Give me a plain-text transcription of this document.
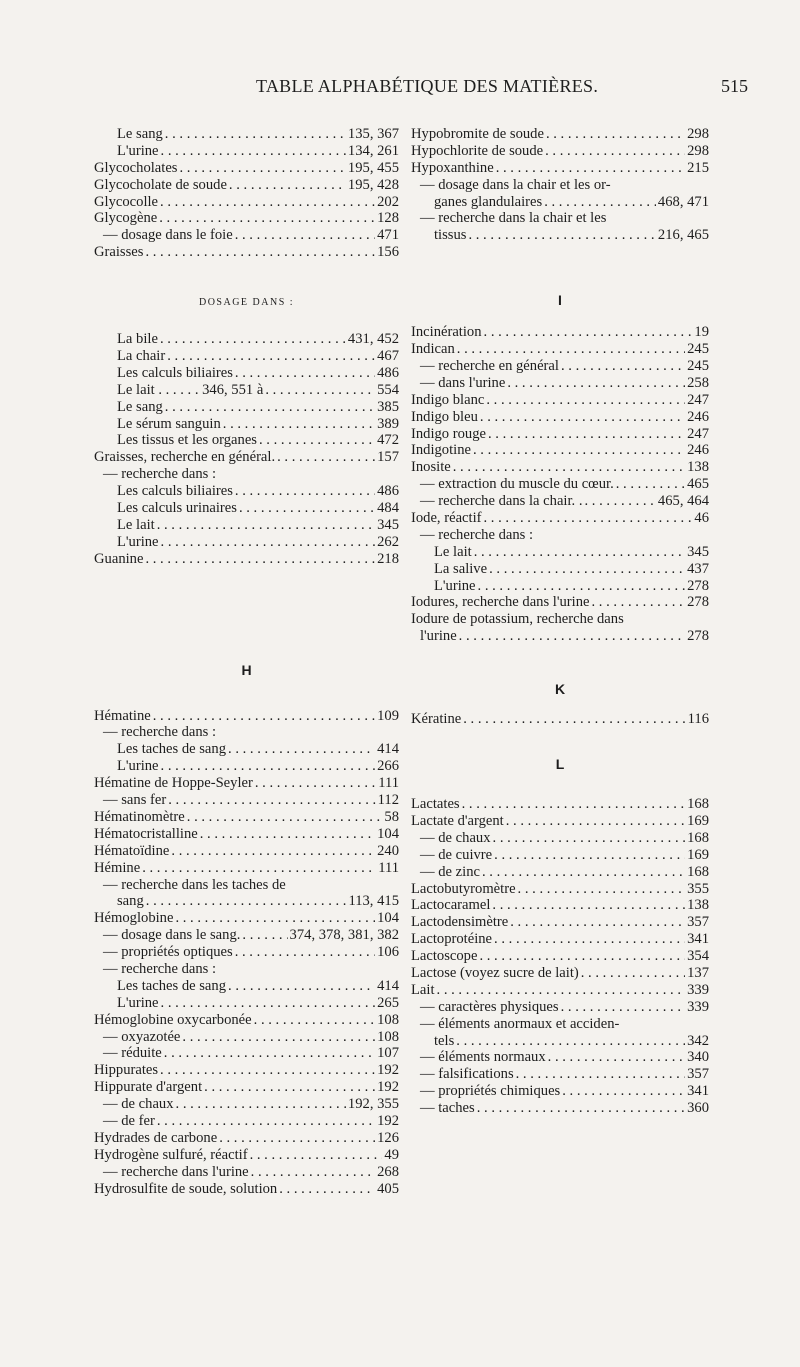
TABLE ALPHABÉTIQUE DES MATIÈRES.	515
Le sang . . .	135, 367
L'urine . . .	134, 261
Glycocholates . . .	195, 455
Glycocholate de soude . . .	195, 428
Glycocolle . . .	202
Glycogène . . .	128
— dosage dans le foie . . .	471
Graisses . . .	156
DOSAGE DANS :
La bile . . .	431, 452
La chair . . .	467
Les calculs biliaires . . .	486
Le lait . . . . . . 346, 551 à . . .	554
Le sang . . .	385
Le sérum sanguin . . .	389
Les tissus et les organes . . .	472
Graisses, recherche en général. . . .	157
— recherche dans :
Les calculs biliaires . . .	486
Les calculs urinaires . . .	484
Le lait . . .	345
L'urine . . .	262
Guanine . . .	218
H
Hématine . . .	109
— recherche dans :
Les taches de sang . . .	414
L'urine . . .	266
Hématine de Hoppe-Seyler . . .	111
— sans fer . . .	112
Hématinomètre . . .	58
Hématocristalline . . .	104
Hématoïdine . . .	240
Hémine . . .	111
— recherche dans les taches de
sang . . .	113, 415
Hémoglobine . . .	104
— dosage dans le sang. . . .	374, 378, 381, 382
— propriétés optiques . . .	106
— recherche dans :
Les taches de sang . . .	414
L'urine . . .	265
Hémoglobine oxycarbonée . . .	108
— oxyazotée . . .	108
— réduite . . .	107
Hippurates . . .	192
Hippurate d'argent . . .	192
— de chaux . . .	192, 355
— de fer . . .	192
Hydrades de carbone . . .	126
Hydrogène sulfuré, réactif . . .	49
— recherche dans l'urine . . .	268
Hydrosulfite de soude, solution . . .	405
Hypobromite de soude . . .	298
Hypochlorite de soude . . .	298
Hypoxanthine . . .	215
— dosage dans la chair et les or-
ganes glandulaires . . .	468, 471
— recherche dans la chair et les
tissus . . .	216, 465
I
Incinération . . .	19
Indican . . .	245
— recherche en général . . .	245
— dans l'urine . . .	258
Indigo blanc . . .	247
Indigo bleu . . .	246
Indigo rouge . . .	247
Indigotine . . .	246
Inosite . . .	138
— extraction du muscle du cœur. . . .	465
— recherche dans la chair. . . . .	465, 464
Iode, réactif . . .	46
— recherche dans :
Le lait . . .	345
La salive . . .	437
L'urine . . .	278
Iodures, recherche dans l'urine . . .	278
Iodure de potassium, recherche dans
l'urine . . .	278
K
Kératine . . .	116
L
Lactates . . .	168
Lactate d'argent . . .	169
— de chaux . . .	168
— de cuivre . . .	169
— de zinc . . .	168
Lactobutyromètre . . .	355
Lactocaramel . . .	138
Lactodensimètre . . .	357
Lactoprotéine . . .	341
Lactoscope . . .	354
Lactose (voyez sucre de lait) . . .	137
Lait . . .	339
— caractères physiques . . .	339
— éléments anormaux et acciden-
tels . . .	342
— éléments normaux . . .	340
— falsifications . . .	357
— propriétés chimiques . . .	341
— taches . . .	360
